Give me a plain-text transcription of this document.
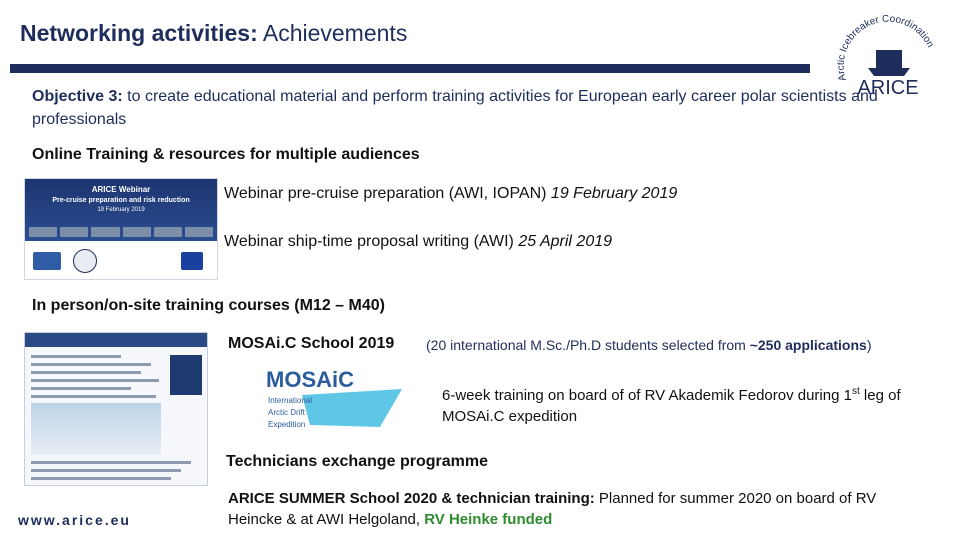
Networking activities: Achievements
Arctic Icebreaker Coordination
ARICE
Objective 3: to create educational material and perform training activities for European early career polar scientists and professionals
Online Training & resources for multiple audiences
ARICE Webinar
Pre-cruise preparation and risk reduction
19 February 2019
Webinar pre-cruise preparation (AWI, IOPAN) 19 February 2019
Webinar ship-time proposal writing (AWI) 25 April 2019
In person/on-site training courses (M12 – M40)
MOSAi.C School 2019 (20 international M.Sc./Ph.D students selected from ~250 applications)
MOSAiC
International
Arctic Drift
Expedition
6-week training on board of of RV Akademik Fedorov during 1st leg of MOSAi.C expedition
Technicians exchange programme
ARICE SUMMER School 2020 & technician training: Planned for summer 2020 on board of RV Heincke & at AWI Helgoland, RV Heinke funded
www.arice.eu
